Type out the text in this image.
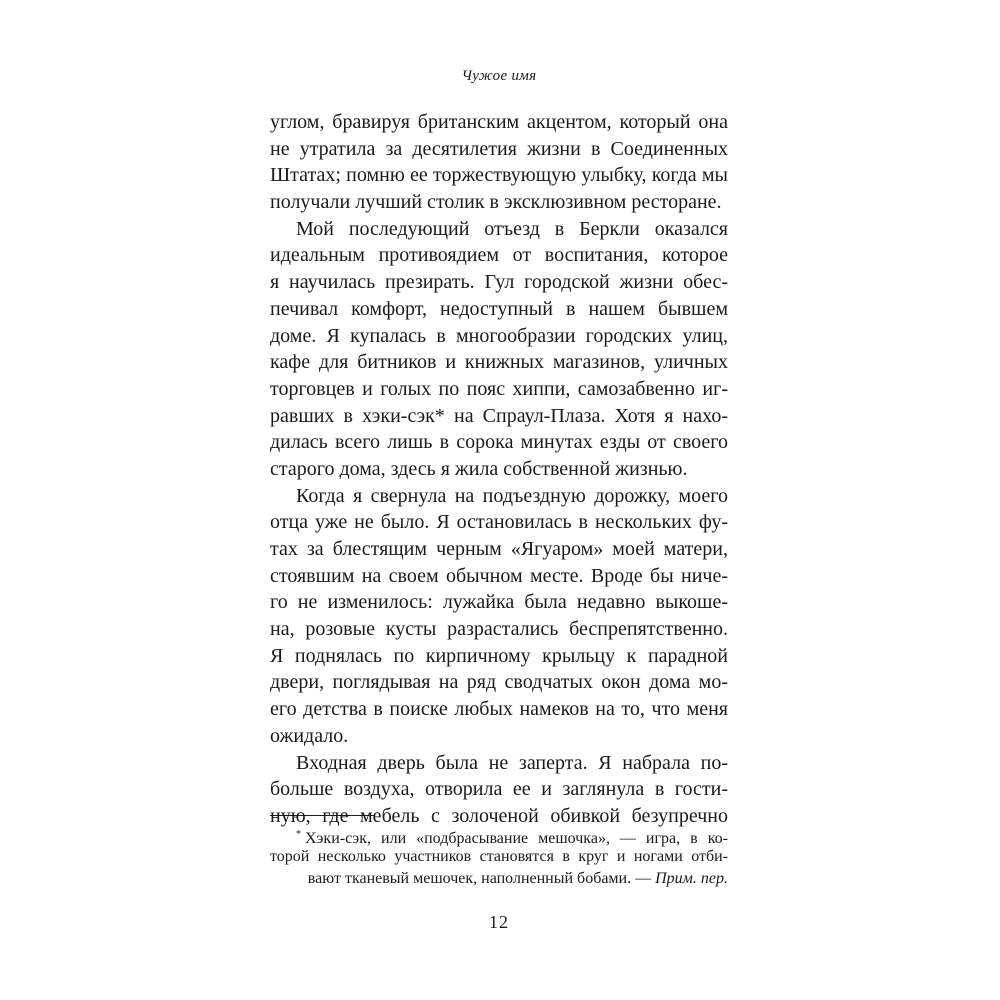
Чужое имя
углом, бравируя британским акцентом, который она
не утратила за десятилетия жизни в Соединенных
Штатах; помню ее торжествующую улыбку, когда мы
получали лучший столик в эксклюзивном ресторане.
Мой последующий отъезд в Беркли оказался
идеальным противоядием от воспитания, которое
я научилась презирать. Гул городской жизни обес-
печивал комфорт, недоступный в нашем бывшем
доме. Я купалась в многообразии городских улиц,
кафе для битников и книжных магазинов, уличных
торговцев и голых по пояс хиппи, самозабвенно иг-
равших в хэки-сэк* на Спраул-Плаза. Хотя я нахо-
дилась всего лишь в сорока минутах езды от своего
старого дома, здесь я жила собственной жизнью.
Когда я свернула на подъездную дорожку, моего
отца уже не было. Я остановилась в нескольких фу-
тах за блестящим черным «Ягуаром» моей матери,
стоявшим на своем обычном месте. Вроде бы ниче-
го не изменилось: лужайка была недавно выкоше-
на, розовые кусты разрастались беспрепятственно.
Я поднялась по кирпичному крыльцу к парадной
двери, поглядывая на ряд сводчатых окон дома мо-
его детства в поиске любых намеков на то, что меня
ожидало.
Входная дверь была не заперта. Я набрала по-
больше воздуха, отворила ее и заглянула в гости-
ную, где мебель с золоченой обивкой безупречно
* Хэки-сэк, или «подбрасывание мешочка», — игра, в ко-
торой несколько участников становятся в круг и ногами отби-
вают тканевый мешочек, наполненный бобами. — Прим. пер.
12
